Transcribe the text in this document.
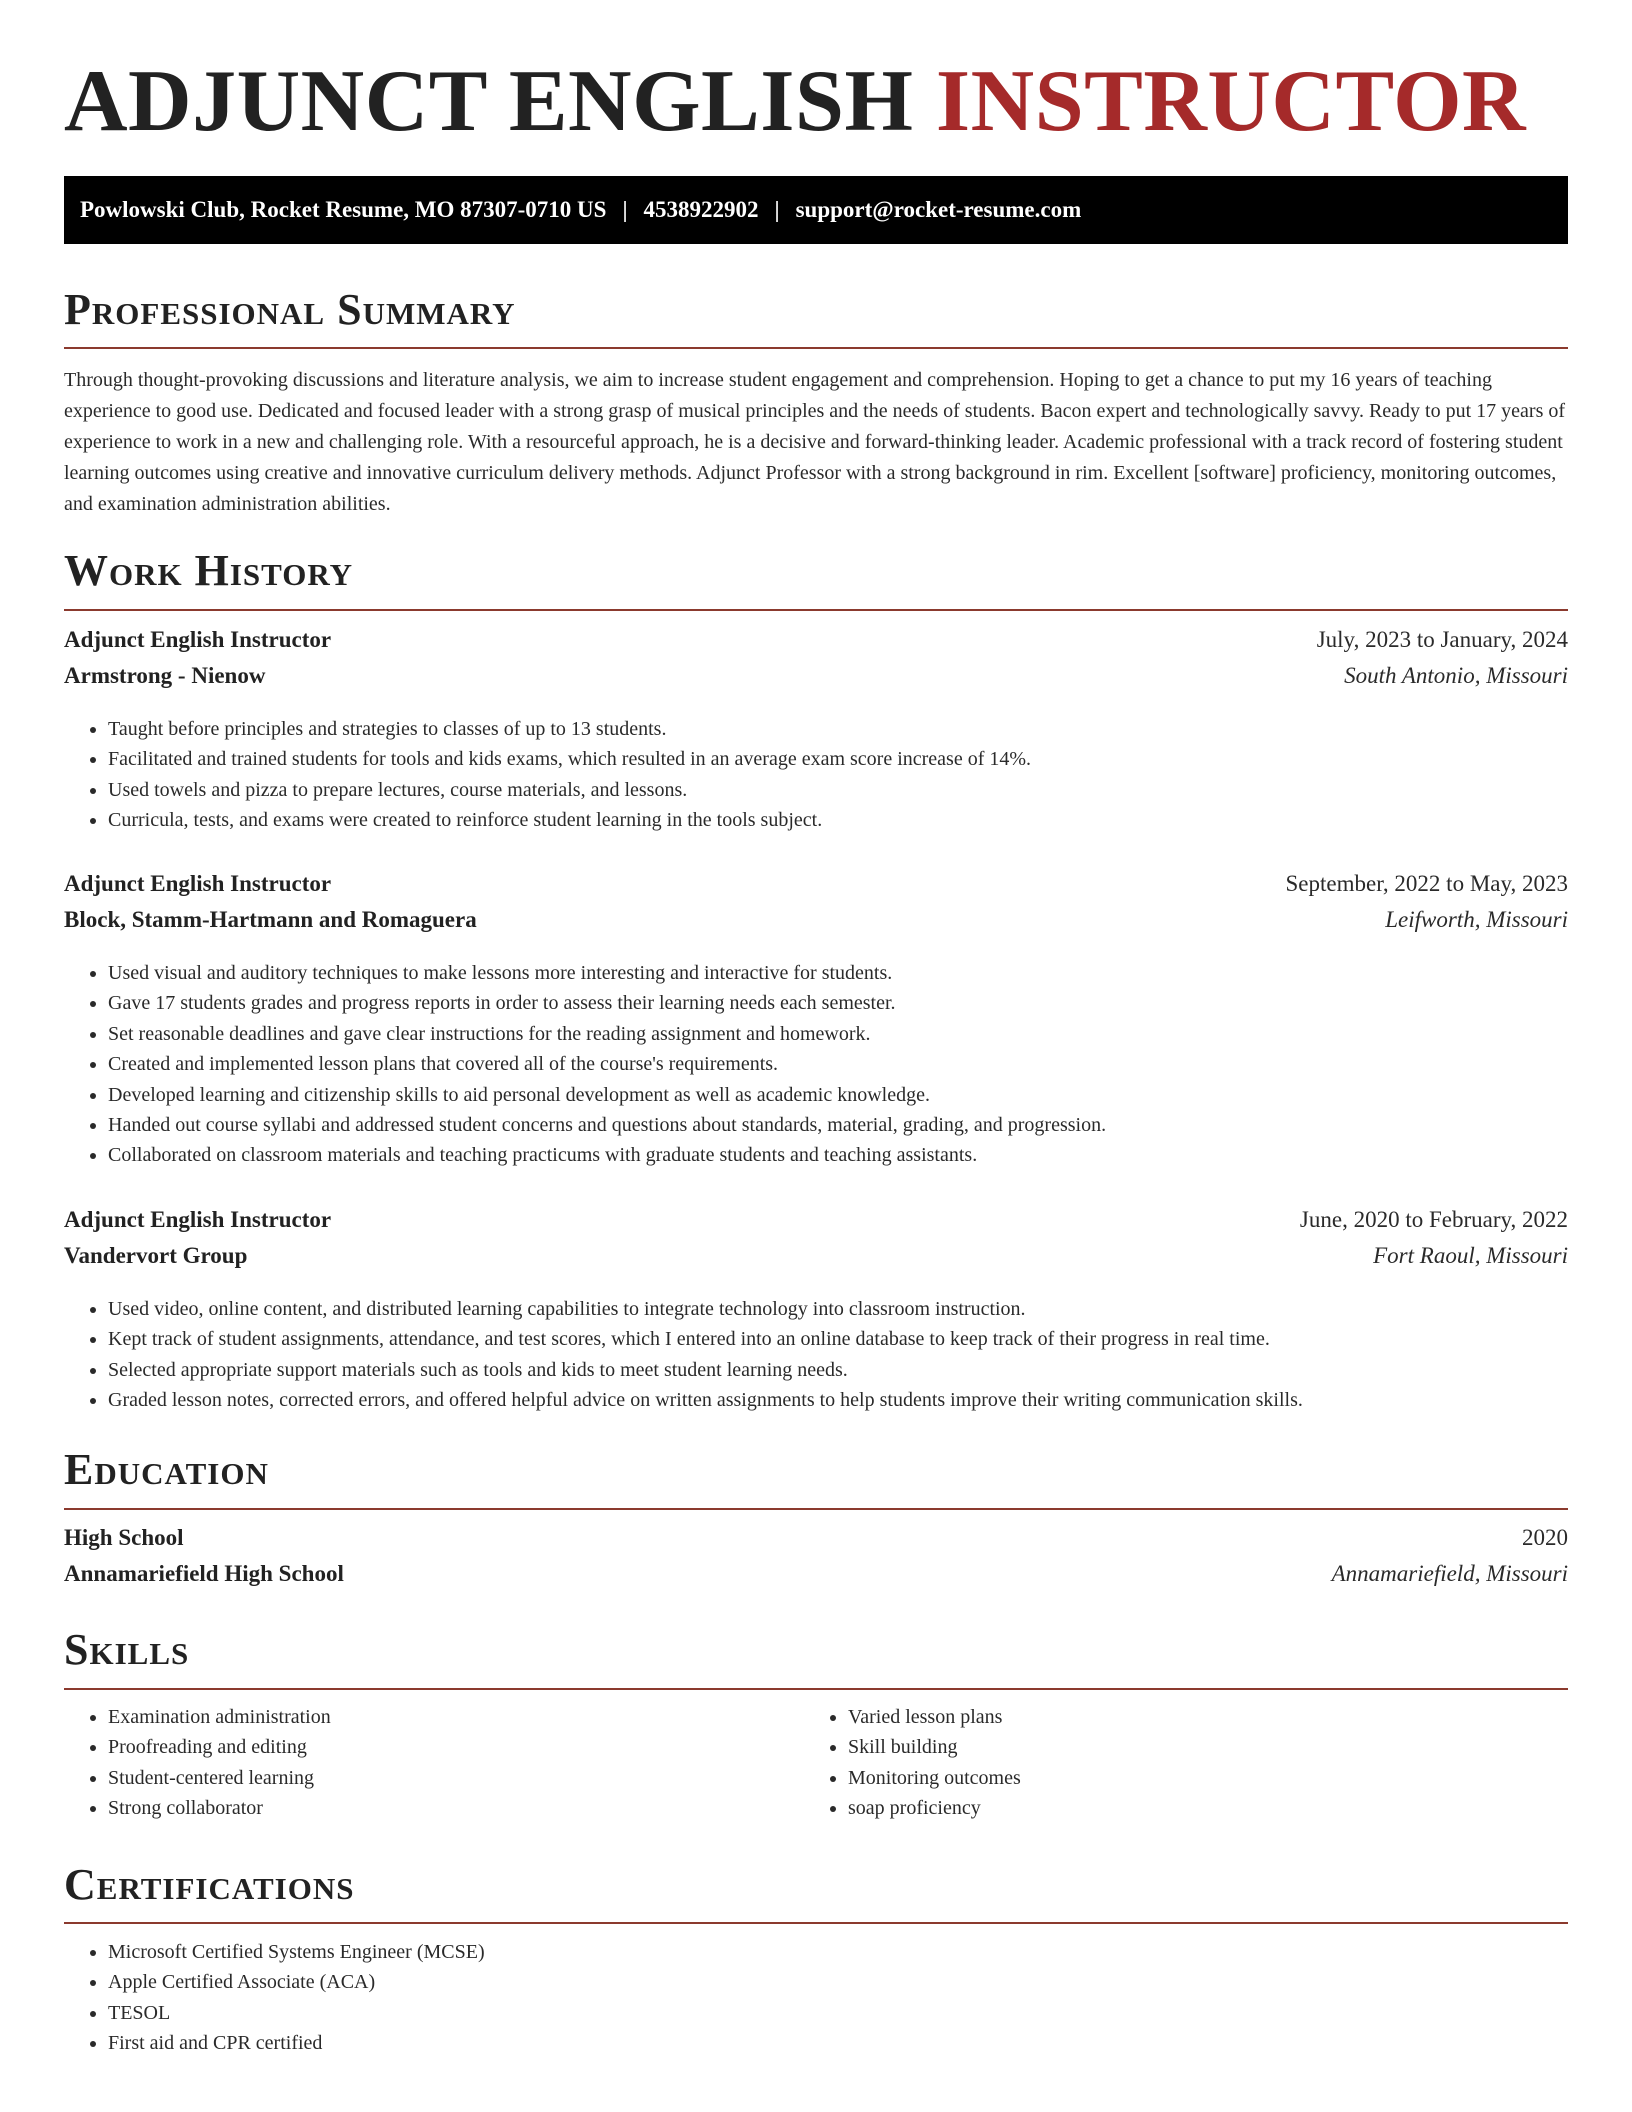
ADJUNCT ENGLISH INSTRUCTOR
Powlowski Club, Rocket Resume, MO 87307-0710 US | 4538922902 | support@rocket-resume.com
Professional Summary

Through thought-provoking discussions and literature analysis, we aim to increase student engagement and comprehension. Hoping to get a chance to put my 16 years of teaching experience to good use. Dedicated and focused leader with a strong grasp of musical principles and the needs of students. Bacon expert and technologically savvy. Ready to put 17 years of experience to work in a new and challenging role. With a resourceful approach, he is a decisive and forward-thinking leader. Academic professional with a track record of fostering student learning outcomes using creative and innovative curriculum delivery methods. Adjunct Professor with a strong background in rim. Excellent [software] proficiency, monitoring outcomes, and examination administration abilities.

Work History
Adjunct English Instructor	July, 2023 to January, 2024
Armstrong - Nienow	South Antonio, Missouri
• Taught before principles and strategies to classes of up to 13 students.
• Facilitated and trained students for tools and kids exams, which resulted in an average exam score increase of 14%.
• Used towels and pizza to prepare lectures, course materials, and lessons.
• Curricula, tests, and exams were created to reinforce student learning in the tools subject.
Adjunct English Instructor	September, 2022 to May, 2023
Block, Stamm-Hartmann and Romaguera	Leifworth, Missouri
• Used visual and auditory techniques to make lessons more interesting and interactive for students.
• Gave 17 students grades and progress reports in order to assess their learning needs each semester.
• Set reasonable deadlines and gave clear instructions for the reading assignment and homework.
• Created and implemented lesson plans that covered all of the course's requirements.
• Developed learning and citizenship skills to aid personal development as well as academic knowledge.
• Handed out course syllabi and addressed student concerns and questions about standards, material, grading, and progression.
• Collaborated on classroom materials and teaching practicums with graduate students and teaching assistants.
Adjunct English Instructor	June, 2020 to February, 2022
Vandervort Group	Fort Raoul, Missouri
• Used video, online content, and distributed learning capabilities to integrate technology into classroom instruction.
• Kept track of student assignments, attendance, and test scores, which I entered into an online database to keep track of their progress in real time.
• Selected appropriate support materials such as tools and kids to meet student learning needs.
• Graded lesson notes, corrected errors, and offered helpful advice on written assignments to help students improve their writing communication skills.
Education
High School	2020
Annamariefield High School	Annamariefield, Missouri
Skills
• Examination administration
• Proofreading and editing
• Student-centered learning
• Strong collaborator
• Varied lesson plans
• Skill building
• Monitoring outcomes
• soap proficiency
Certifications
• Microsoft Certified Systems Engineer (MCSE)
• Apple Certified Associate (ACA)
• TESOL
• First aid and CPR certified
